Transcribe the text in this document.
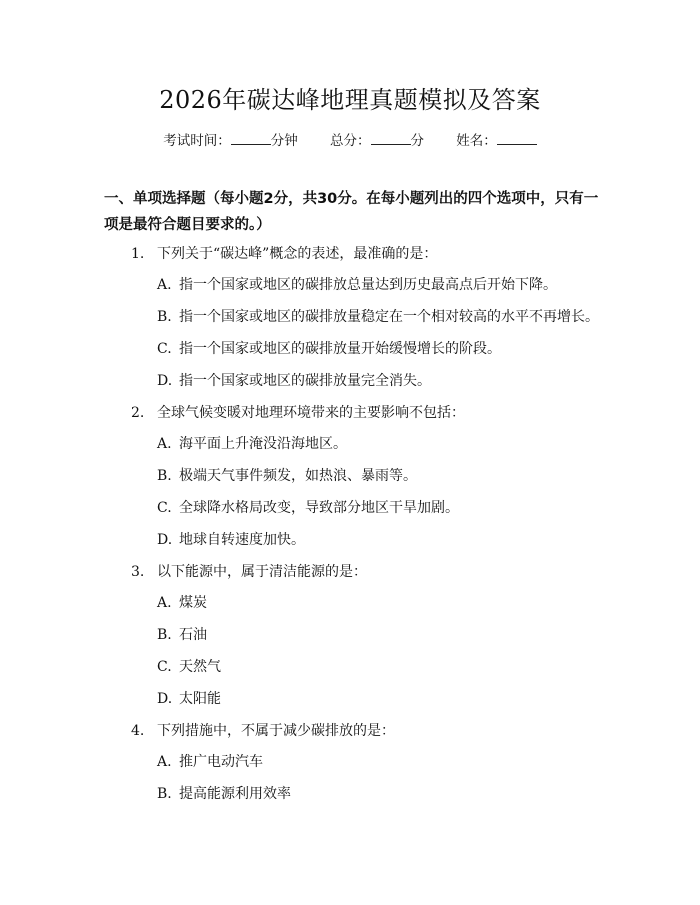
2026年碳达峰地理真题模拟及答案
考试时间：	分钟 总分：	分 姓名：
一、单项选择题（每小题2分，共30分。在每小题列出的四个选项中，只有一项是最符合题目要求的。）
1. 下列关于“碳达峰”概念的表述，最准确的是：
A. 指一个国家或地区的碳排放总量达到历史最高点后开始下降。
B. 指一个国家或地区的碳排放量稳定在一个相对较高的水平不再增长。
C. 指一个国家或地区的碳排放量开始缓慢增长的阶段。
D. 指一个国家或地区的碳排放量完全消失。
2. 全球气候变暖对地理环境带来的主要影响不包括：
A. 海平面上升淹没沿海地区。
B. 极端天气事件频发，如热浪、暴雨等。
C. 全球降水格局改变，导致部分地区干旱加剧。
D. 地球自转速度加快。
3. 以下能源中，属于清洁能源的是：
A. 煤炭
B. 石油
C. 天然气
D. 太阳能
4. 下列措施中，不属于减少碳排放的是：
A. 推广电动汽车
B. 提高能源利用效率
